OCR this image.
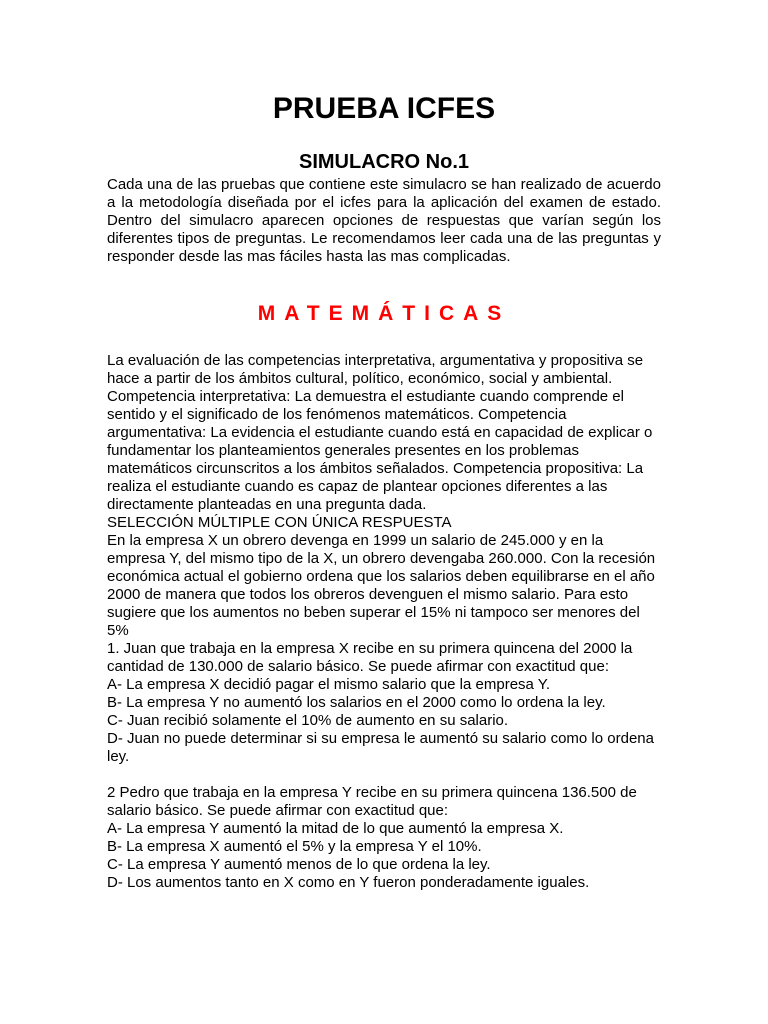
PRUEBA ICFES
SIMULACRO No.1

Cada una de las pruebas que contiene este simulacro se han realizado de acuerdo a la metodología diseñada por el icfes para la aplicación del examen de estado. Dentro del simulacro aparecen opciones de respuestas que varían según los diferentes tipos de preguntas. Le recomendamos leer cada una de las preguntas y responder desde las mas fáciles hasta las mas complicadas.

MATEMÁTICAS
La evaluación de las competencias interpretativa, argumentativa y propositiva se
hace a partir de los ámbitos cultural, político, económico, social y ambiental.
Competencia interpretativa: La demuestra el estudiante cuando comprende el
sentido y el significado de los fenómenos matemáticos. Competencia
argumentativa: La evidencia el estudiante cuando está en capacidad de explicar o
fundamentar los planteamientos generales presentes en los problemas
matemáticos circunscritos a los ámbitos señalados. Competencia propositiva: La
realiza el estudiante cuando es capaz de plantear opciones diferentes a las
directamente planteadas en una pregunta dada.
SELECCIÓN MÚLTIPLE CON ÚNICA RESPUESTA
En la empresa X un obrero devenga en 1999 un salario de 245.000 y en la
empresa Y, del mismo tipo de la X, un obrero devengaba 260.000. Con la recesión
económica actual el gobierno ordena que los salarios deben equilibrarse en el año
2000 de manera que todos los obreros devenguen el mismo salario. Para esto
sugiere que los aumentos no beben superar el 15% ni tampoco ser menores del
5%
1. Juan que trabaja en la empresa X recibe en su primera quincena del 2000 la
cantidad de 130.000 de salario básico. Se puede afirmar con exactitud que:
A- La empresa X decidió pagar el mismo salario que la empresa Y.
B- La empresa Y no aumentó los salarios en el 2000 como lo ordena la ley.
C- Juan recibió solamente el 10% de aumento en su salario.
D- Juan no puede determinar si su empresa le aumentó su salario como lo ordena
ley.
2 Pedro que trabaja en la empresa Y recibe en su primera quincena 136.500 de
salario básico. Se puede afirmar con exactitud que:
A- La empresa Y aumentó la mitad de lo que aumentó la empresa X.
B- La empresa X aumentó el 5% y la empresa Y el 10%.
C- La empresa Y aumentó menos de lo que ordena la ley.
D- Los aumentos tanto en X como en Y fueron ponderadamente iguales.
